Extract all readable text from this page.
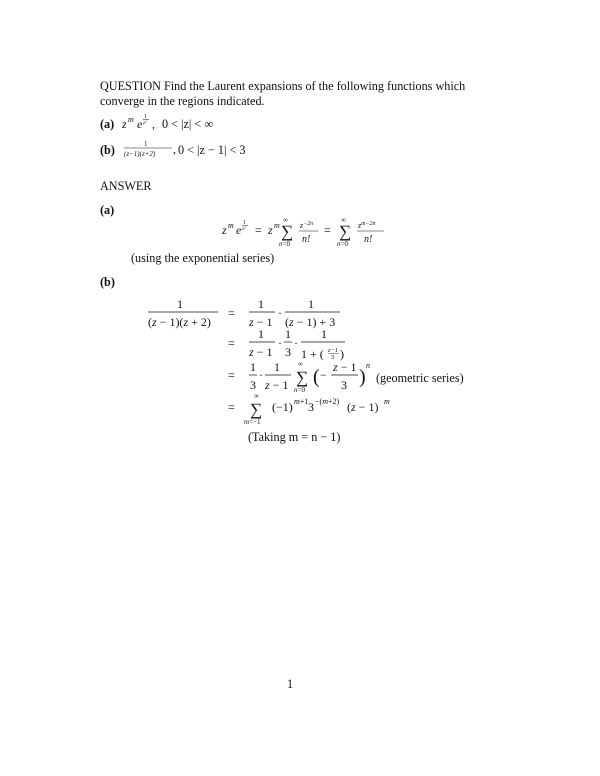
QUESTION Find the Laurent expansions of the following functions which
converge in the regions indicated.
(a) z m e 1
z² , 0 < |z| < ∞
(b)	1
(z−1)(z+2) , 0 < |z − 1| < 3
ANSWER
(a)
z m e 1
z² = z m
∞
∑
n=0
$z^{-2n}$
n!
=
∞
∑
n=0
$z^{m-2n}$
n!
(using the exponential series)
(b)
1
(z − 1)(z + 2)
=
1
z − 1
·
1
(z − 1) + 3
=
1
z − 1
·
1
3
·
1
1 + ( z−1
3 )
=
1
3
·
1
z − 1
∞
∑
n=0
( −
z − 1
3 )
n
=
∞
∑
m=−1
(−1) m+1 3 −(m+2) (z − 1) m
(geometric series)
(Taking m = n − 1)
1
